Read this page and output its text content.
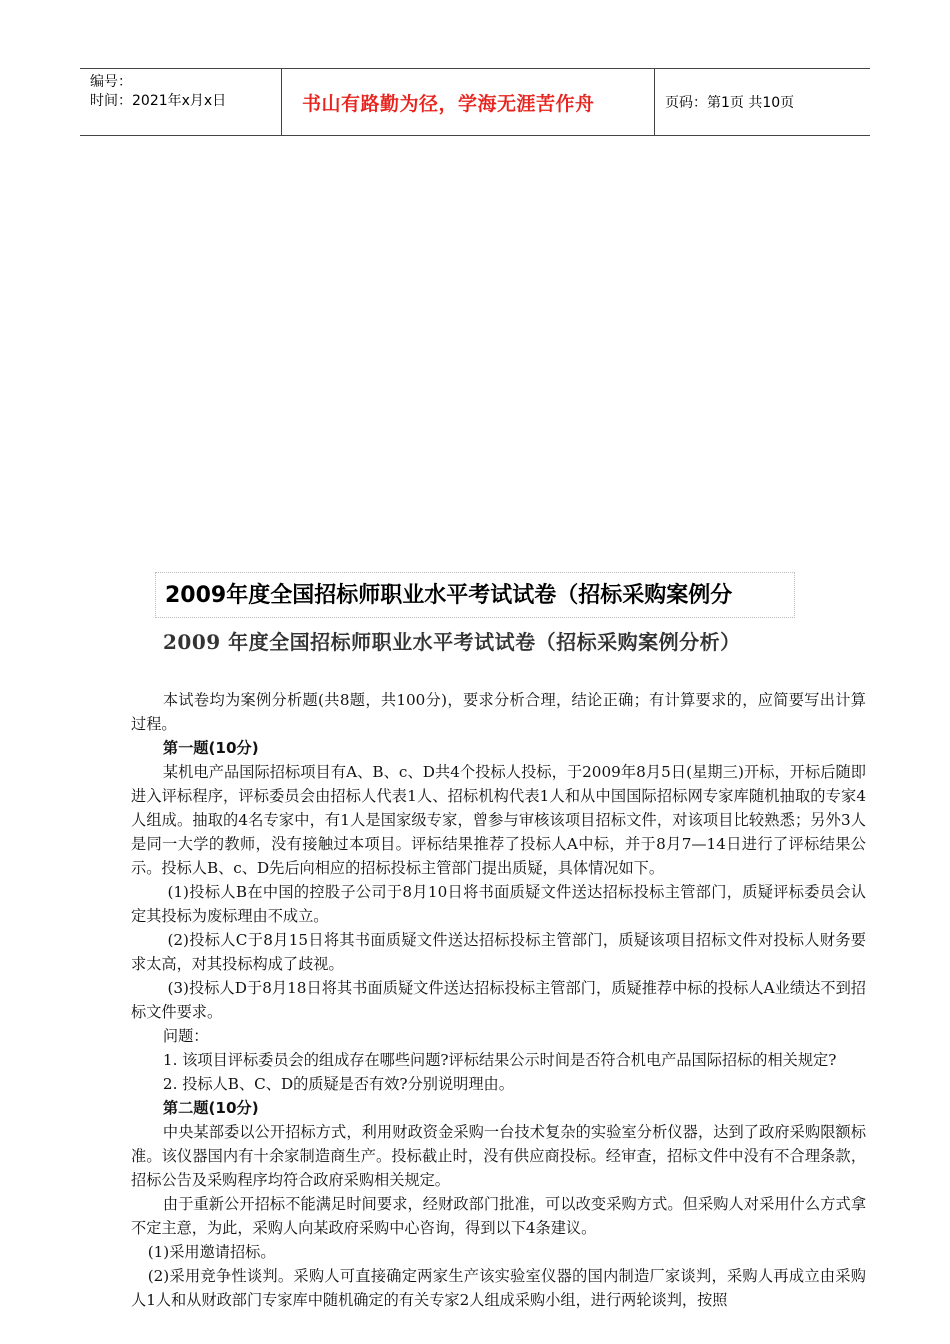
编号：
时间：2021年x月x日	书山有路勤为径，学海无涯苦作舟	页码：第1页 共10页
2009年度全国招标师职业水平考试试卷（招标采购案例分
2009 年度全国招标师职业水平考试试卷（招标采购案例分析）

本试卷均为案例分析题(共8题，共100分)，要求分析合理，结论正确；有计算要求的，应简要写出计算过程。

第一题(10分)

某机电产品国际招标项目有A、B、c、D共4个投标人投标，于2009年8月5日(星期三)开标，开标后随即进入评标程序，评标委员会由招标人代表1人、招标机构代表1人和从中国国际招标网专家库随机抽取的专家4人组成。抽取的4名专家中，有1人是国家级专家，曾参与审核该项目招标文件，对该项目比较熟悉；另外3人是同一大学的教师，没有接触过本项目。评标结果推荐了投标人A中标，并于8月7—14日进行了评标结果公示。投标人B、c、D先后向相应的招标投标主管部门提出质疑，具体情况如下。

(1)投标人B在中国的控股子公司于8月10日将书面质疑文件送达招标投标主管部门，质疑评标委员会认定其投标为废标理由不成立。

(2)投标人C于8月15日将其书面质疑文件送达招标投标主管部门，质疑该项目招标文件对投标人财务要求太高，对其投标构成了歧视。

(3)投标人D于8月18日将其书面质疑文件送达招标投标主管部门，质疑推荐中标的投标人A业绩达不到招标文件要求。

问题：

1. 该项目评标委员会的组成存在哪些问题?评标结果公示时间是否符合机电产品国际招标的相关规定?

2. 投标人B、C、D的质疑是否有效?分别说明理由。

第二题(10分)

中央某部委以公开招标方式，利用财政资金采购一台技术复杂的实验室分析仪器，达到了政府采购限额标准。该仪器国内有十余家制造商生产。投标截止时，没有供应商投标。经审查，招标文件中没有不合理条款，招标公告及采购程序均符合政府采购相关规定。

由于重新公开招标不能满足时间要求，经财政部门批准，可以改变采购方式。但采购人对采用什么方式拿不定主意，为此，采购人向某政府采购中心咨询，得到以下4条建议。

(1)采用邀请招标。

(2)采用竞争性谈判。采购人可直接确定两家生产该实验室仪器的国内制造厂家谈判，采购人再成立由采购人1人和从财政部门专家库中随机确定的有关专家2人组成采购小组，进行两轮谈判，按照
